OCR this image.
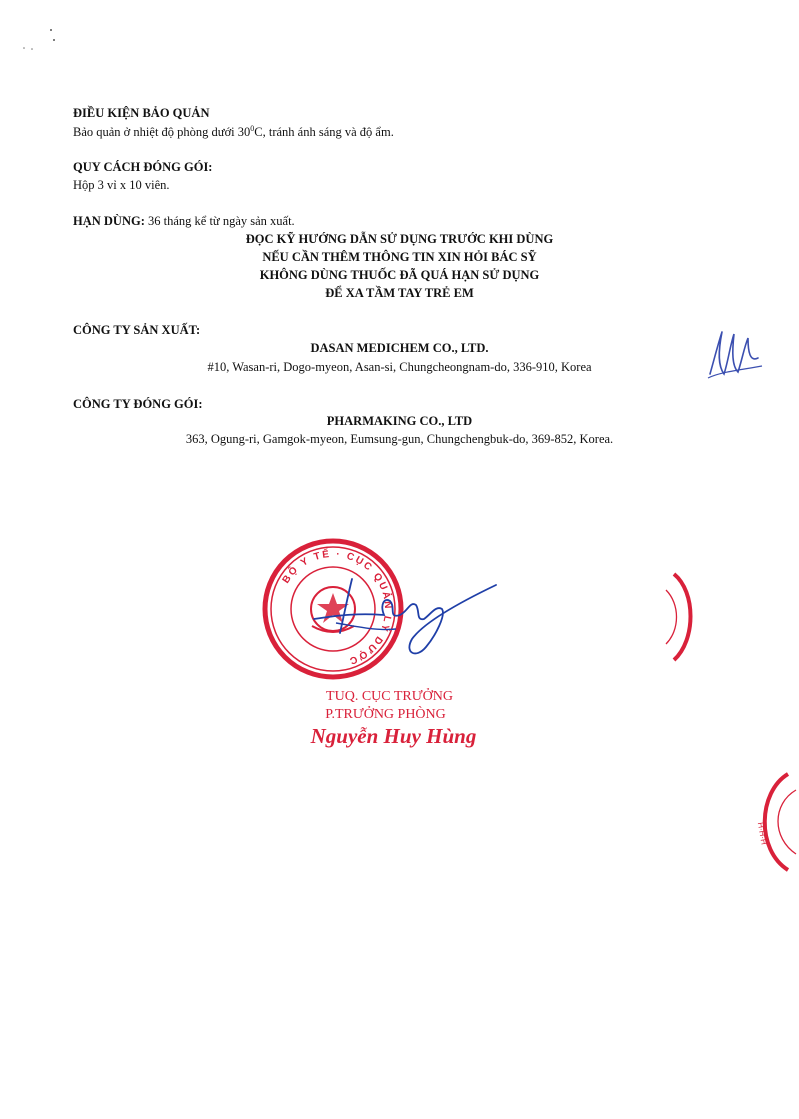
ĐIỀU KIỆN BẢO QUẢN
Bảo quản ở nhiệt độ phòng dưới $30^0C$, tránh ánh sáng và độ ẩm.
QUY CÁCH ĐÓNG GÓI:
Hộp 3 vỉ x 10 viên.
HẠN DÙNG: 36 tháng kể từ ngày sản xuất.
ĐỌC KỸ HƯỚNG DẪN SỬ DỤNG TRƯỚC KHI DÙNG
NẾU CẦN THÊM THÔNG TIN XIN HỎI BÁC SỸ
KHÔNG DÙNG THUỐC ĐÃ QUÁ HẠN SỬ DỤNG
ĐỂ XA TẦM TAY TRẺ EM
CÔNG TY SẢN XUẤT:
DASAN MEDICHEM CO., LTD.
#10, Wasan-ri, Dogo-myeon, Asan-si, Chungcheongnam-do, 336-910, Korea
CÔNG TY ĐÓNG GÓI:
PHARMAKING CO., LTD
363, Ogung-ri, Gamgok-myeon, Eumsung-gun, Chungchengbuk-do, 369-852, Korea.
BỘ Y TẾ · CỤC QUẢN LÝ DƯỢC
TUQ. CỤC TRƯỞNG
P.TRƯỞNG PHÒNG
Nguyễn Huy Hùng
H·H·H
